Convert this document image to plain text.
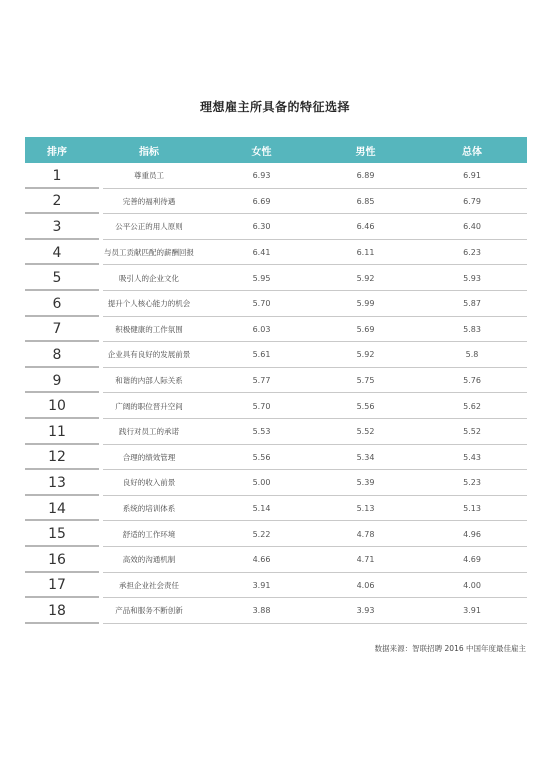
理想雇主所具备的特征选择
排序	指标	女性	男性	总体
1	尊重员工	6.93	6.89	6.91
2	完善的福利待遇	6.69	6.85	6.79
3	公平公正的用人原则	6.30	6.46	6.40
4	与员工贡献匹配的薪酬回报	6.41	6.11	6.23
5	吸引人的企业文化	5.95	5.92	5.93
6	提升个人核心能力的机会	5.70	5.99	5.87
7	积极健康的工作氛围	6.03	5.69	5.83
8	企业具有良好的发展前景	5.61	5.92	5.8
9	和谐的内部人际关系	5.77	5.75	5.76
10	广阔的职位晋升空间	5.70	5.56	5.62
11	践行对员工的承诺	5.53	5.52	5.52
12	合理的绩效管理	5.56	5.34	5.43
13	良好的收入前景	5.00	5.39	5.23
14	系统的培训体系	5.14	5.13	5.13
15	舒适的工作环境	5.22	4.78	4.96
16	高效的沟通机制	4.66	4.71	4.69
17	承担企业社会责任	3.91	4.06	4.00
18	产品和服务不断创新	3.88	3.93	3.91
数据来源：智联招聘 2016 中国年度最佳雇主
